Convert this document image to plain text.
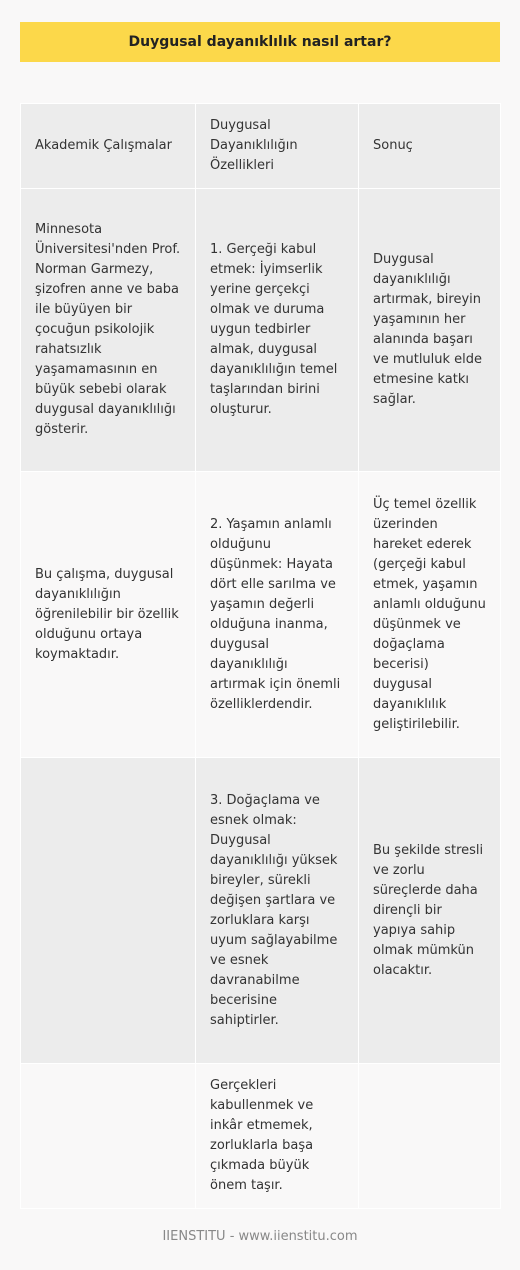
Duygusal dayanıklılık nasıl artar?
Akademik Çalışmalar	Duygusal Dayanıklılığın Özellikleri	Sonuç
Minnesota Üniversitesi'nden Prof. Norman Garmezy, şizofren anne ve baba ile büyüyen bir çocuğun psikolojik rahatsızlık yaşamamasının en büyük sebebi olarak duygusal dayanıklılığı gösterir.	1. Gerçeği kabul etmek: İyimserlik yerine gerçekçi olmak ve duruma uygun tedbirler almak, duygusal dayanıklılığın temel taşlarından birini oluşturur.	Duygusal dayanıklılığı artırmak, bireyin yaşamının her alanında başarı ve mutluluk elde etmesine katkı sağlar.
Bu çalışma, duygusal dayanıklılığın öğrenilebilir bir özellik olduğunu ortaya koymaktadır.	2. Yaşamın anlamlı olduğunu düşünmek: Hayata dört elle sarılma ve yaşamın değerli olduğuna inanma, duygusal dayanıklılığı artırmak için önemli özelliklerdendir.	Üç temel özellik üzerinden hareket ederek (gerçeği kabul etmek, yaşamın anlamlı olduğunu düşünmek ve doğaçlama becerisi) duygusal dayanıklılık geliştirilebilir.
	3. Doğaçlama ve esnek olmak: Duygusal dayanıklılığı yüksek bireyler, sürekli değişen şartlara ve zorluklara karşı uyum sağlayabilme ve esnek davranabilme becerisine sahiptirler.	Bu şekilde stresli ve zorlu süreçlerde daha dirençli bir yapıya sahip olmak mümkün olacaktır.
	Gerçekleri kabullenmek ve inkâr etmemek, zorluklarla başa çıkmada büyük önem taşır.	
IIENSTITU - www.iienstitu.com
